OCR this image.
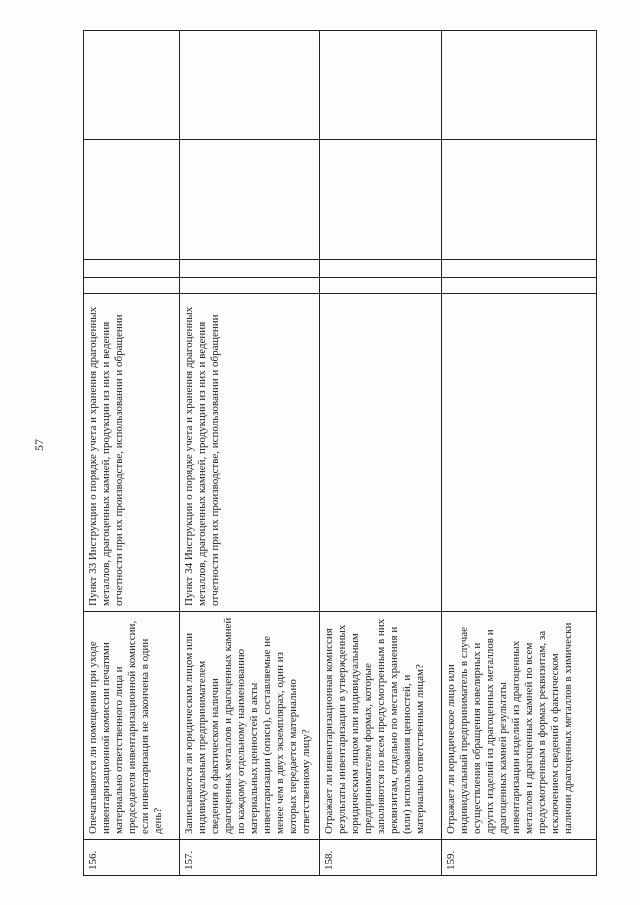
57
156.	Опечатываются ли помещения при уходе инвентаризационной комиссии печатями материально ответственного лица и председателя инвентаризационной комиссии, если инвентаризация не закончена в один день?	Пункт 33 Инструкции о порядке учета и хранения драгоценных металлов, драгоценных камней, продукции из них и ведения отчетности при их производстве, использовании и обращении				
157.	Записываются ли юридическим лицом или индивидуальным предпринимателем сведения о фактическом наличии драгоценных металлов и драгоценных камней по каждому отдельному наименованию материальных ценностей в акты инвентаризации (описи), составляемые не менее чем в двух экземплярах, один из которых передается материально ответственному лицу?	Пункт 34 Инструкции о порядке учета и хранения драгоценных металлов, драгоценных камней, продукции из них и ведения отчетности при их производстве, использовании и обращении				
158.	Отражает ли инвентаризационная комиссия результаты инвентаризации в утвержденных юридическим лицом или индивидуальным предпринимателем формах, которые заполняются по всем предусмотренным в них реквизитам, отдельно по местам хранения и (или) использования ценностей, и материально ответственным лицам?					
159.	Отражает ли юридическое лицо или индивидуальный предприниматель в случае осуществления обращения ювелирных и других изделий из драгоценных металлов и драгоценных камней результаты инвентаризации изделий из драгоценных металлов и драгоценных камней по всем предусмотренным в формах реквизитам, за исключением сведений о фактическом наличии драгоценных металлов в химически					
